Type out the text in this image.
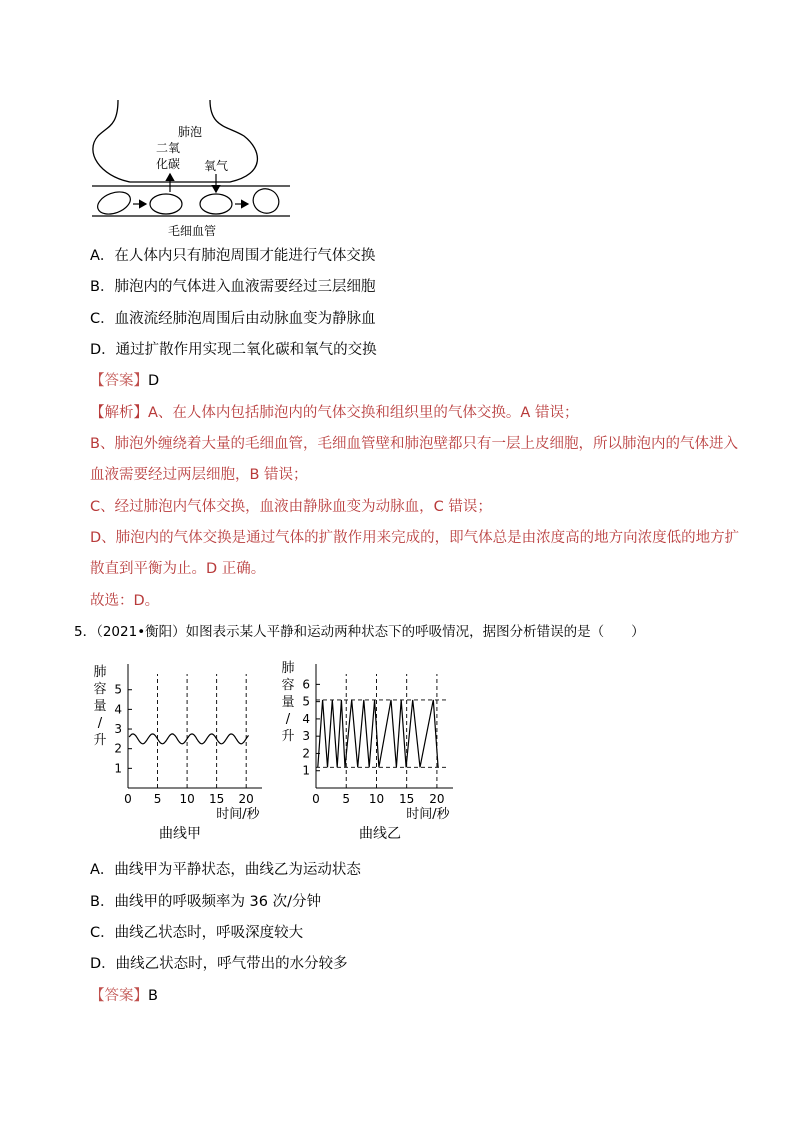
肺泡
二氧
化碳 氧气
毛细血管
A．在人体内只有肺泡周围才能进行气体交换
B．肺泡内的气体进入血液需要经过三层细胞
C．血液流经肺泡周围后由动脉血变为静脉血
D．通过扩散作用实现二氧化碳和氧气的交换
【答案】D
【解析】A、在人体内包括肺泡内的气体交换和组织里的气体交换。A 错误；
B、肺泡外缠绕着大量的毛细血管，毛细血管壁和肺泡壁都只有一层上皮细胞，所以肺泡内的气体进入
血液需要经过两层细胞，B 错误；
C、经过肺泡内气体交换，血液由静脉血变为动脉血，C 错误；
D、肺泡内的气体交换是通过气体的扩散作用来完成的，即气体总是由浓度高的地方向浓度低的地方扩
散直到平衡为止。D 正确。
故选：D。
5．（2021•衡阳）如图表示某人平静和运动两种状态下的呼吸情况，据图分析错误的是（　　）
肺
容
量
/
升
1
2
3
4
5
0 5 10 15 20
时间/秒
曲线甲
肺
容
量
/
升
1
2
3
4
5
6
0 5 10 15 20
时间/秒
曲线乙
A．曲线甲为平静状态，曲线乙为运动状态
B．曲线甲的呼吸频率为 36 次/分钟
C．曲线乙状态时，呼吸深度较大
D．曲线乙状态时，呼气带出的水分较多
【答案】B
